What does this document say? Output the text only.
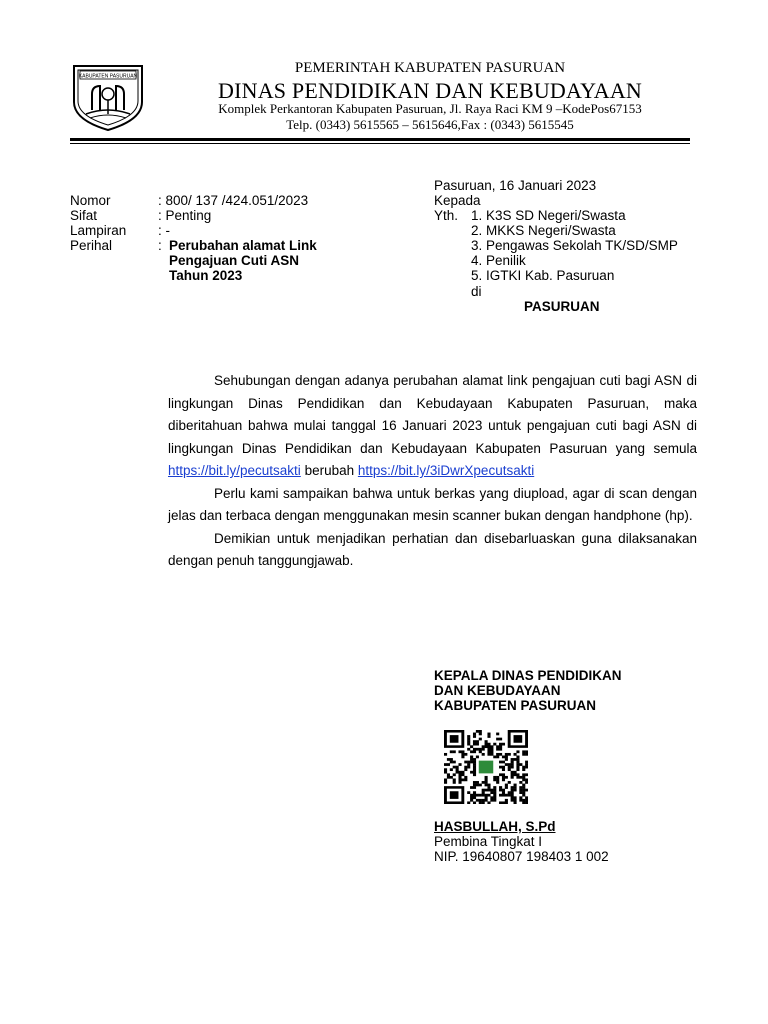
KABUPATEN PASURUAN
PEMERINTAH KABUPATEN PASURUAN
DINAS PENDIDIKAN DAN KEBUDAYAAN
Komplek Perkantoran Kabupaten Pasuruan, Jl. Raya Raci KM 9 –KodePos67153
Telp. (0343) 5615565 – 5615646,Fax : (0343) 5615545
Nomor	: 800/ 137 /424.051/2023
Sifat	: Penting
Lampiran	: -
Perihal	: Perubahan alamat Link
Pengajuan Cuti ASN
Tahun 2023
Pasuruan, 16 Januari 2023
Kepada
Yth. 1. K3S SD Negeri/Swasta
2. MKKS Negeri/Swasta
3. Pengawas Sekolah TK/SD/SMP
4. Penilik
5. IGTKI Kab. Pasuruan
di
PASURUAN

Sehubungan dengan adanya perubahan alamat link pengajuan cuti bagi ASN di lingkungan Dinas Pendidikan dan Kebudayaan Kabupaten Pasuruan, maka diberitahuan bahwa mulai tanggal 16 Januari 2023 untuk pengajuan cuti bagi ASN di lingkungan Dinas Pendidikan dan Kebudayaan Kabupaten Pasuruan yang semula https://bit.ly/pecutsakti berubah https://bit.ly/3iDwrXpecutsakti

Perlu kami sampaikan bahwa untuk berkas yang diupload, agar di scan dengan jelas dan terbaca dengan menggunakan mesin scanner bukan dengan handphone (hp).

Demikian untuk menjadikan perhatian dan disebarluaskan guna dilaksanakan dengan penuh tanggungjawab.

KEPALA DINAS PENDIDIKAN
DAN KEBUDAYAAN
KABUPATEN PASURUAN
HASBULLAH, S.Pd
Pembina Tingkat I
NIP. 19640807 198403 1 002
